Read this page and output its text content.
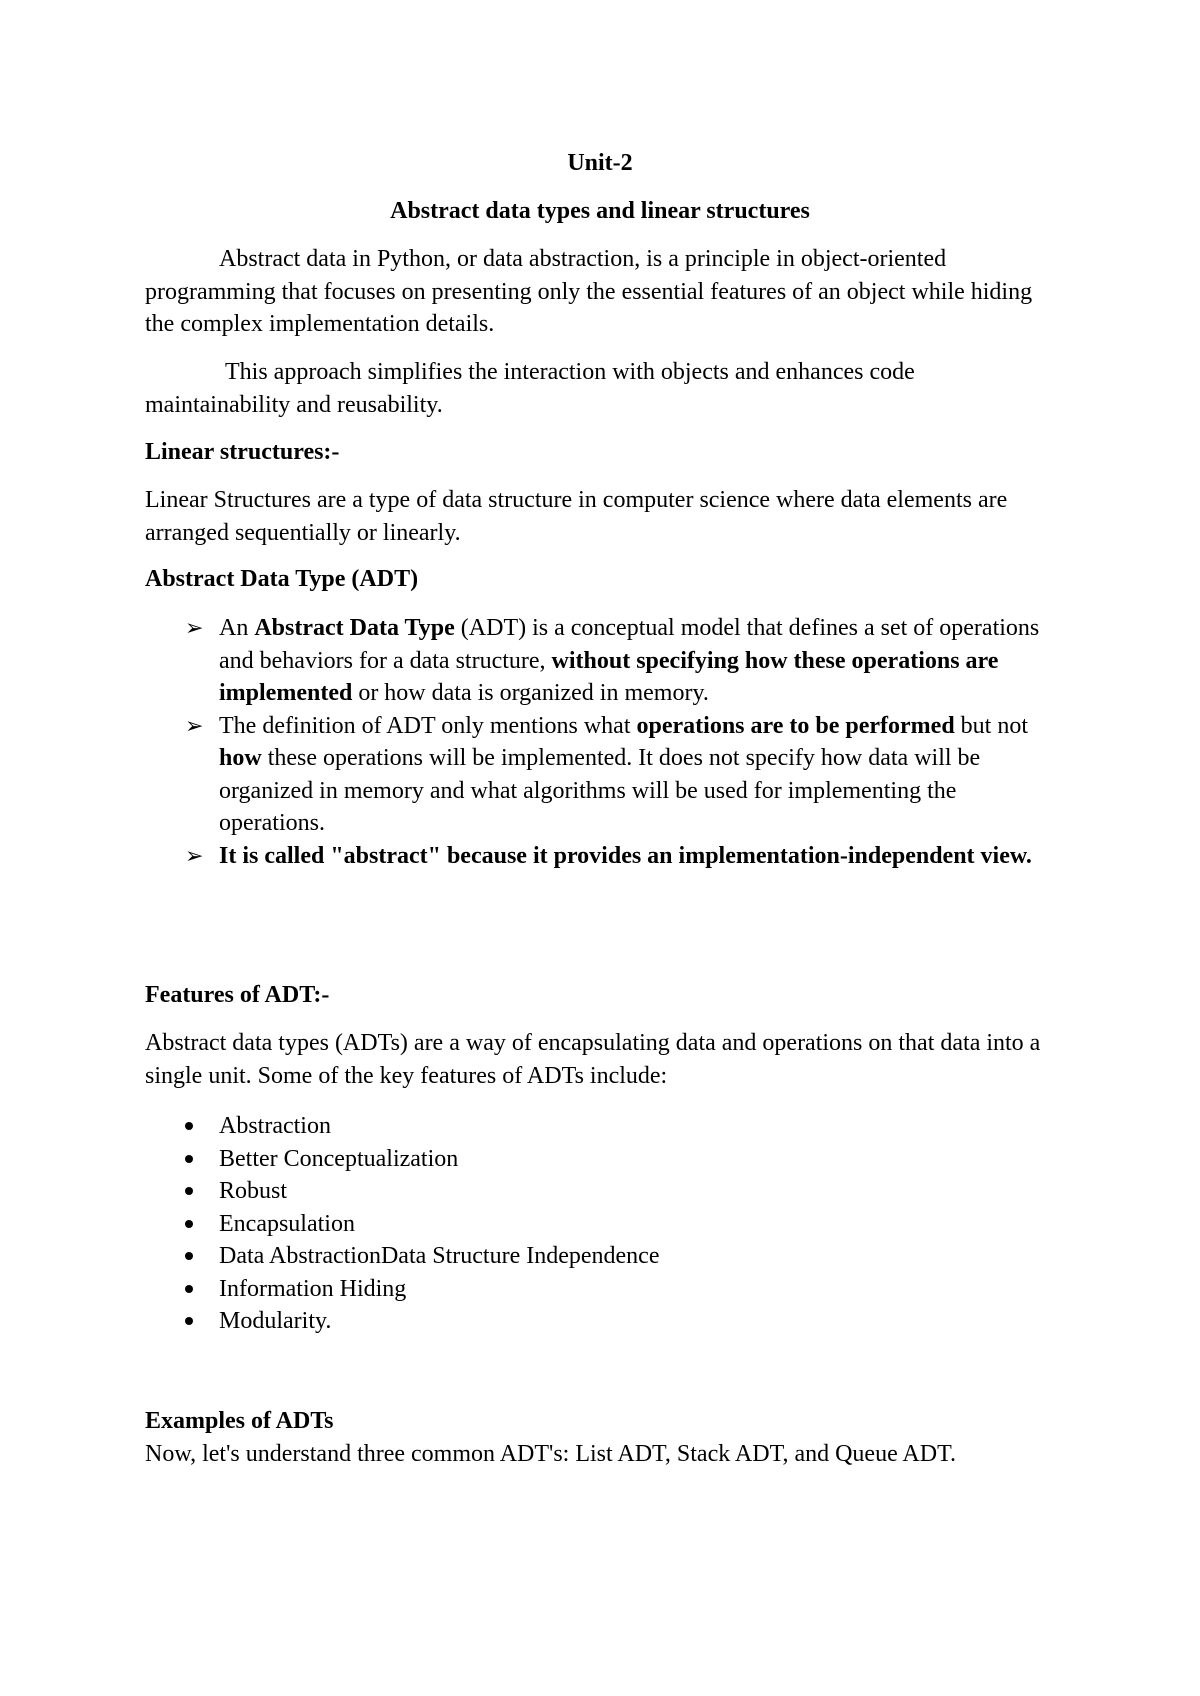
Unit-2
Abstract data types and linear structures
Abstract data in Python, or data abstraction, is a principle in object-oriented programming that focuses on presenting only the essential features of an object while hiding the complex implementation details.
This approach simplifies the interaction with objects and enhances code maintainability and reusability.
Linear structures:-
Linear Structures are a type of data structure in computer science where data elements are arranged sequentially or linearly.
Abstract Data Type (ADT)
➢ An Abstract Data Type (ADT) is a conceptual model that defines a set of operations and behaviors for a data structure, without specifying how these operations are implemented or how data is organized in memory.
➢ The definition of ADT only mentions what operations are to be performed but not how these operations will be implemented. It does not specify how data will be organized in memory and what algorithms will be used for implementing the operations.
➢ It is called "abstract" because it provides an implementation-independent view.
Features of ADT:-
Abstract data types (ADTs) are a way of encapsulating data and operations on that data into a single unit. Some of the key features of ADTs include:
Abstraction
Better Conceptualization
Robust
Encapsulation
Data AbstractionData Structure Independence
Information Hiding
Modularity.
Examples of ADTs
Now, let's understand three common ADT's: List ADT, Stack ADT, and Queue ADT.
